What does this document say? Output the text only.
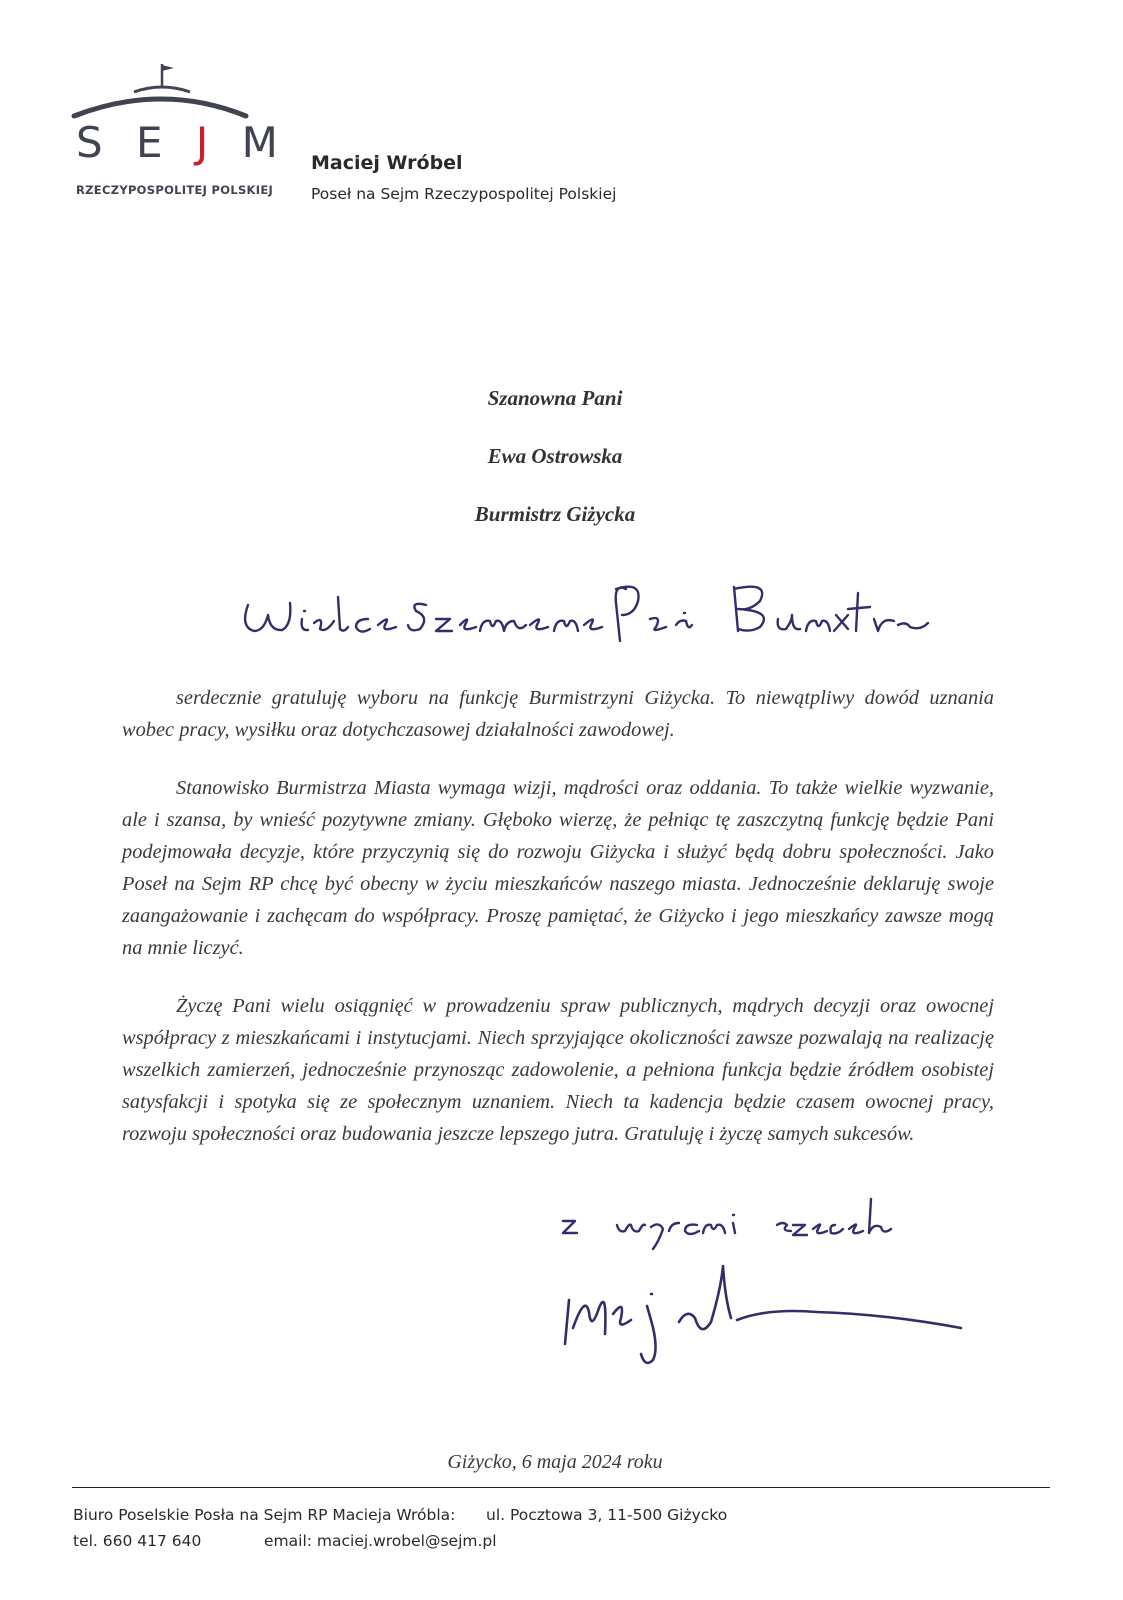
S E J M
RZECZYPOSPOLITEJ POLSKIEJ
Maciej Wróbel
Poseł na Sejm Rzeczypospolitej Polskiej
Szanowna Pani
Ewa Ostrowska
Burmistrz Giżycka

serdecznie gratuluję wyboru na funkcję Burmistrzyni Giżycka. To niewątpliwy dowód uznania wobec pracy, wysiłku oraz dotychczasowej działalności zawodowej.

Stanowisko Burmistrza Miasta wymaga wizji, mądrości oraz oddania. To także wielkie wyzwanie, ale i szansa, by wnieść pozytywne zmiany. Głęboko wierzę, że pełniąc tę zaszczytną funkcję będzie Pani podejmowała decyzje, które przyczynią się do rozwoju Giżycka i służyć będą dobru społeczności. Jako Poseł na Sejm RP chcę być obecny w życiu mieszkańców naszego miasta. Jednocześnie deklaruję swoje zaangażowanie i zachęcam do współpracy. Proszę pamiętać, że Giżycko i jego mieszkańcy zawsze mogą na mnie liczyć.

Życzę Pani wielu osiągnięć w prowadzeniu spraw publicznych, mądrych decyzji oraz owocnej współpracy z mieszkańcami i instytucjami. Niech sprzyjające okoliczności zawsze pozwalają na realizację wszelkich zamierzeń, jednocześnie przynosząc zadowolenie, a pełniona funkcja będzie źródłem osobistej satysfakcji i spotyka się ze społecznym uznaniem. Niech ta kadencja będzie czasem owocnej pracy, rozwoju społeczności oraz budowania jeszcze lepszego jutra. Gratuluję i życzę samych sukcesów.

Giżycko, 6 maja 2024 roku
Biuro Poselskie Posła na Sejm RP Macieja Wróbla: ul. Pocztowa 3, 11-500 Giżycko
tel. 660 417 640	email: maciej.wrobel@sejm.pl
